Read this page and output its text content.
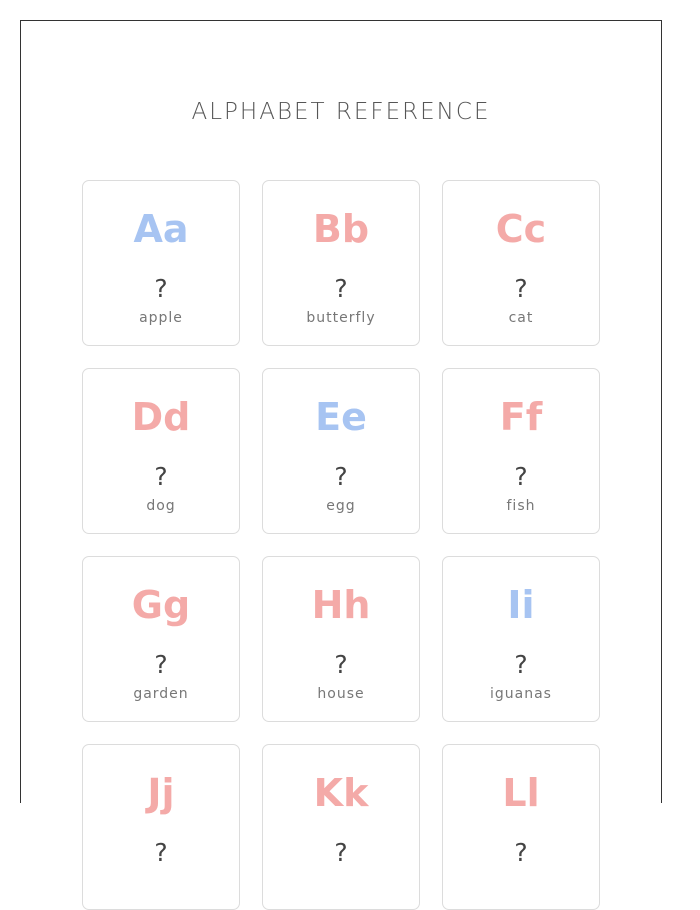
ALPHABET REFERENCE
Aa
?
apple
Bb
?
butterfly
Cc
?
cat
Dd
?
dog
Ee
?
egg
Ff
?
fish
Gg
?
garden
Hh
?
house
Ii
?
iguanas
Jj
?
Kk
?
Ll
?
